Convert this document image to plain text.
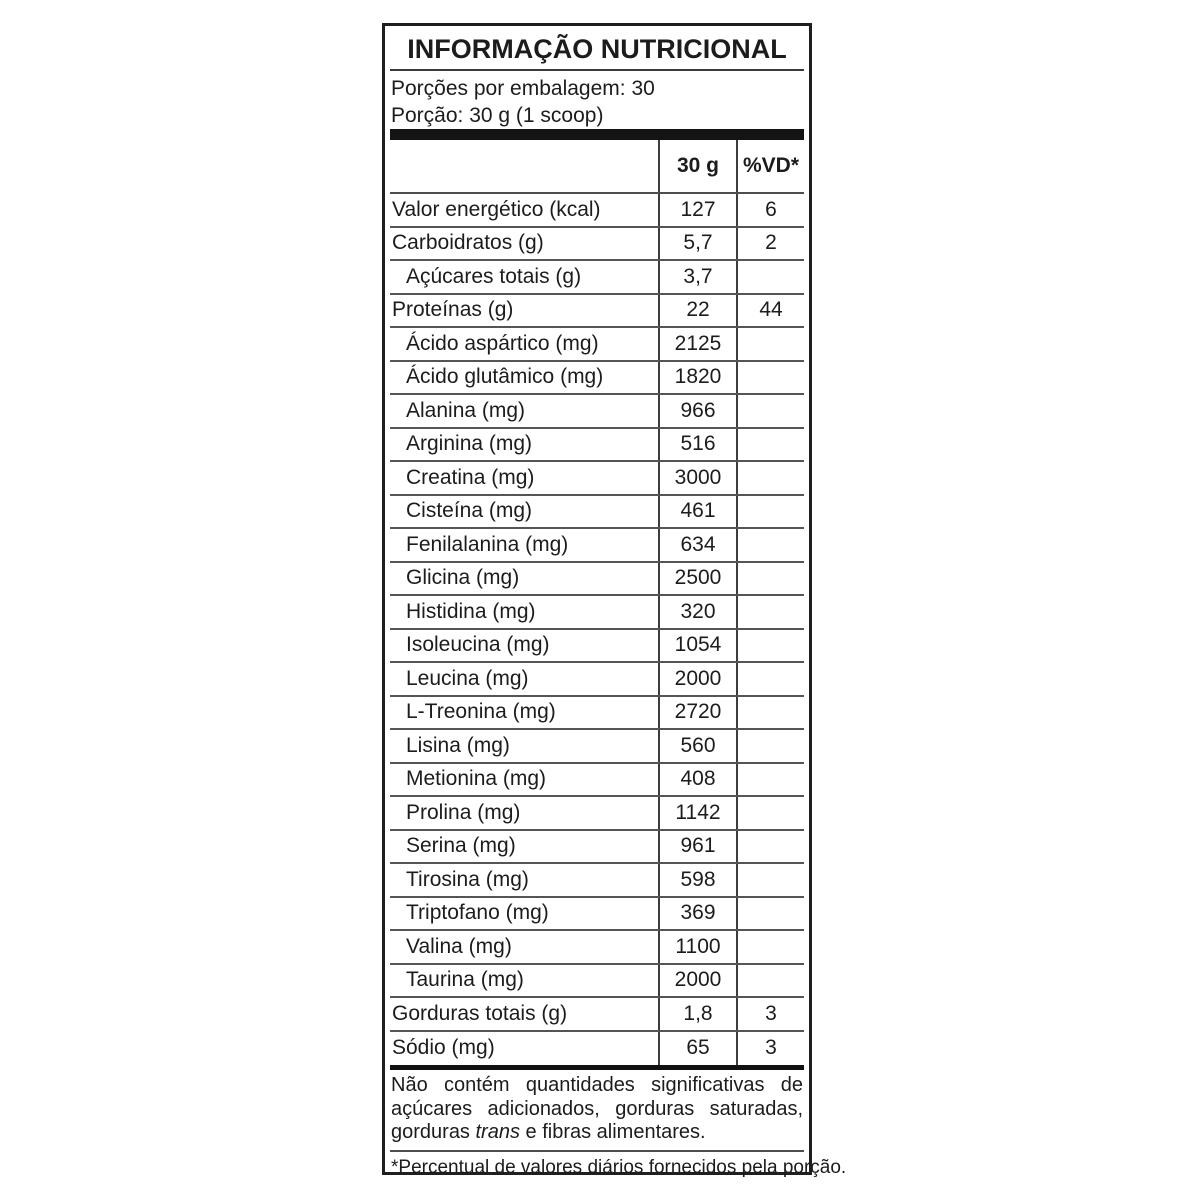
INFORMAÇÃO NUTRICIONAL
Porções por embalagem: 30
Porção: 30 g (1 scoop)
30 g	%VD*
Valor energético (kcal)	127	6
Carboidratos (g)	5,7	2
Açúcares totais (g)	3,7
Proteínas (g)	22	44
Ácido aspártico (mg)	2125
Ácido glutâmico (mg)	1820
Alanina (mg)	966
Arginina (mg)	516
Creatina (mg)	3000
Cisteína (mg)	461
Fenilalanina (mg)	634
Glicina (mg)	2500
Histidina (mg)	320
Isoleucina (mg)	1054
Leucina (mg)	2000
L-Treonina (mg)	2720
Lisina (mg)	560
Metionina (mg)	408
Prolina (mg)	1142
Serina (mg)	961
Tirosina (mg)	598
Triptofano (mg)	369
Valina (mg)	1100
Taurina (mg)	2000
Gorduras totais (g)	1,8	3
Sódio (mg)	65	3
Não contém quantidades significativas de açúcares adicionados, gorduras saturadas, gorduras trans e fibras alimentares.
*Percentual de valores diários fornecidos pela porção.
